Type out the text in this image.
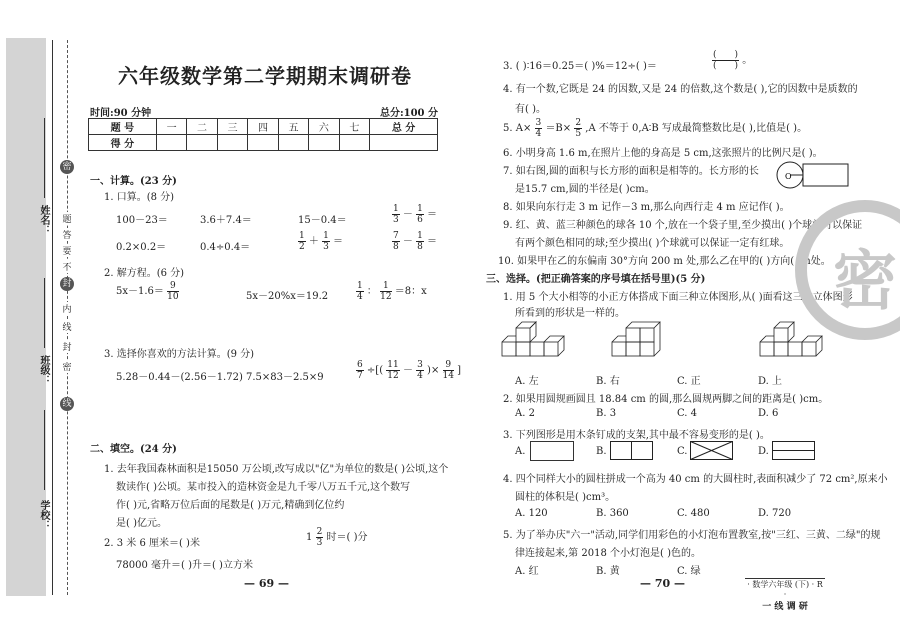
姓名：
班级：
学校：
密
封
线
题
答
要
不
内
线
封
密
六年级数学第二学期期末调研卷
时间:90 分钟	总分:100 分
题 号	一	二	三	四	五	六	七	总 分
得 分								
一、计算。(23 分)
1. 口算。(8 分)
100－23＝	3.6＋7.4＝	15－0.4＝	$\frac{1}{3} - \frac{1}{6}$ ＝
0.2×0.2＝	0.4÷0.4＝	$\frac{1}{2} + \frac{1}{3}$ ＝	$\frac{7}{8} - \frac{1}{8}$ ＝
2. 解方程。(6 分)
$5x-1.6= \frac{9}{10}$	5x－20%x＝19.2	$\frac{1}{4}$ ： $\frac{1}{12} =8$：x
3. 选择你喜欢的方法计算。(9 分)
5.28－0.44－(2.56－1.72) 7.5×83－2.5×9	$\frac{6}{7}$ ÷[( $\frac{11}{12} - \frac{3}{4}$ )× $\frac{9}{14}$ ]
二、填空。(24 分)
1. 去年我国森林面积是15050 万公顷,改写成以"亿"为单位的数是( )公顷,这个
数读作( )公顷。某市投入的造林资金是九千零八万五千元,这个数写
作( )元,省略万位后面的尾数是( )万元,精确到亿位约
是( )亿元。
2. 3 米 6 厘米＝( )米
$1 \frac{2}{3}$ 时＝( )分
78000 毫升＝( )升＝( )立方米
— 69 —
3. ( )∶16＝0.25＝( )%＝12÷( )＝	$\frac{( )}{( )}$ 。
4. 有一个数,它既是 24 的因数,又是 24 的倍数,这个数是( ),它的因数中是质数的
有( )。
5. $A\times \frac{3}{4} =B\times \frac{2}{5} ,A$ 不等于 0,A∶B 写成最简整数比是( ),比值是( )。
6. 小明身高 1.6 m,在照片上他的身高是 5 cm,这张照片的比例尺是( )。
7. 如右图,圆的面积与长方形的面积是相等的。长方形的长
是15.7 cm,圆的半径是( )cm。
O
8. 如果向东行走 3 m 记作－3 m,那么向西行走 4 m 应记作( )。
9. 红、黄、蓝三种颜色的球各 10 个,放在一个袋子里,至少摸出( )个球就可以保证
有两个颜色相同的球;至少摸出( )个球就可以保证一定有红球。
10. 如果甲在乙的东偏南 30°方向 200 m 处,那么乙在甲的( )方向( )m处。
三、选择。(把正确答案的序号填在括号里)(5 分)
1. 用 5 个大小相等的小正方体搭成下面三种立体图形,从( )面看这三种立体图形
所看到的形状是一样的。
A. 左	B. 右	C. 正	D. 上
2. 如果用圆规画圆且 18.84 cm 的圆,那么圆规两脚之间的距离是( )cm。
A. 2	B. 3	C. 4	D. 6
3. 下列图形是用木条钉成的支架,其中最不容易变形的是( )。
A.	B.	C.	D.
4. 四个同样大小的圆柱拼成一个高为 40 cm 的大圆柱时,表面积减少了 72 cm²,原来小
圆柱的体积是( )cm³。
A. 120	B. 360	C. 480	D. 720
5. 为了举办庆"六一"活动,同学们用彩色的小灯泡布置教室,按"三红、三黄、二绿"的规
律连接起来,第 2018 个小灯泡是( )色的。
A. 红	B. 黄	C. 绿
— 70 —	· 数学六年级 (下) · R ·
一 线 调 研
密
